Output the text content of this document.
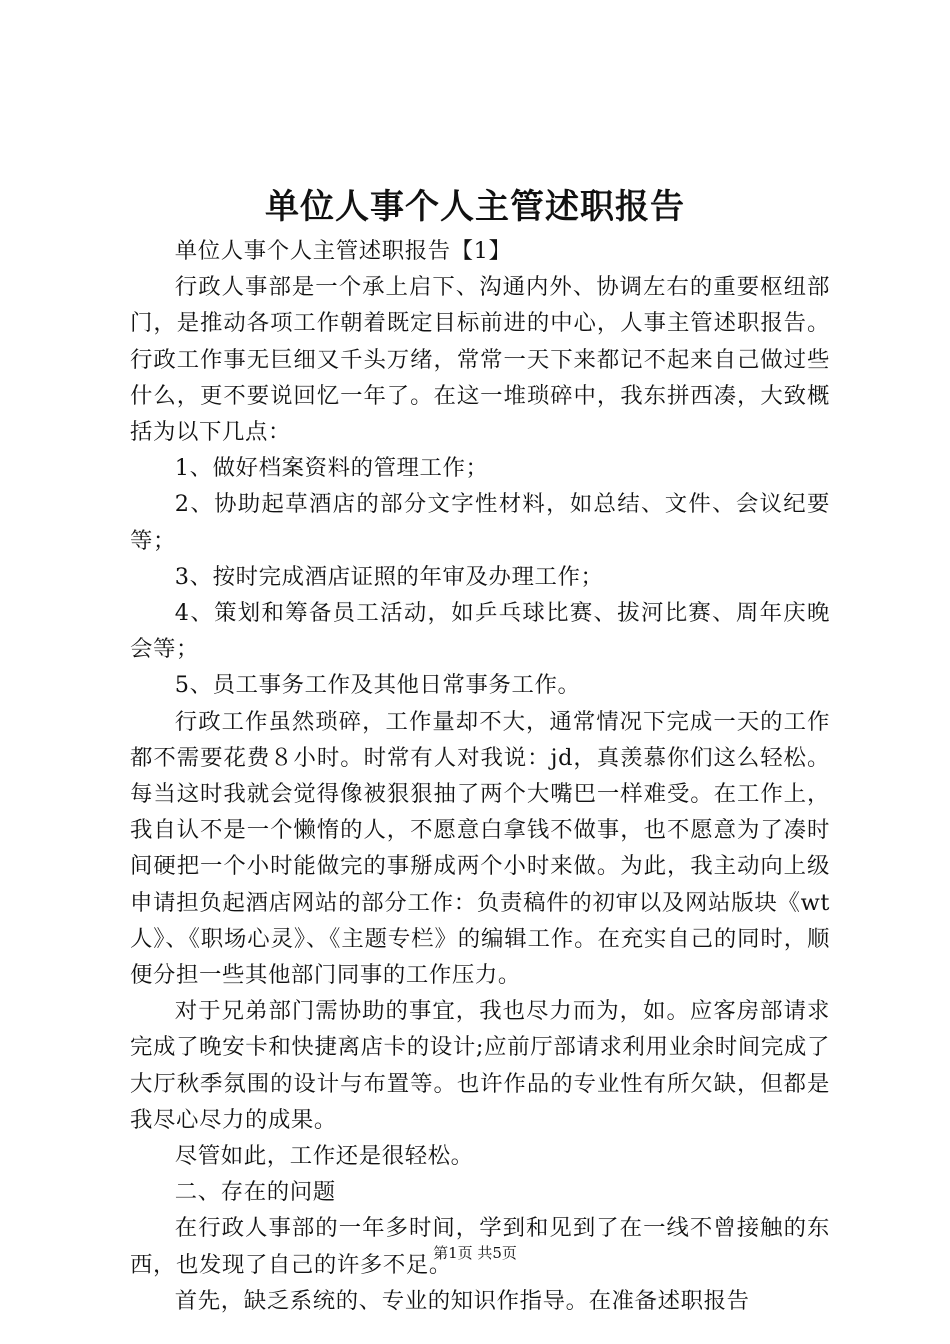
单位人事个人主管述职报告

单位人事个人主管述职报告【1】

行政人事部是一个承上启下、沟通内外、协调左右的重要枢纽部门，是推动各项工作朝着既定目标前进的中心，人事主管述职报告。行政工作事无巨细又千头万绪，常常一天下来都记不起来自己做过些什么，更不要说回忆一年了。在这一堆琐碎中，我东拼西凑，大致概括为以下几点：

1、做好档案资料的管理工作；

2、协助起草酒店的部分文字性材料，如总结、文件、会议纪要等；

3、按时完成酒店证照的年审及办理工作；

4、策划和筹备员工活动，如乒乓球比赛、拔河比赛、周年庆晚会等；

5、员工事务工作及其他日常事务工作。

行政工作虽然琐碎，工作量却不大，通常情况下完成一天的工作都不需要花费８小时。时常有人对我说：jd，真羡慕你们这么轻松。每当这时我就会觉得像被狠狠抽了两个大嘴巴一样难受。在工作上，我自认不是一个懒惰的人，不愿意白拿钱不做事，也不愿意为了凑时间硬把一个小时能做完的事掰成两个小时来做。为此，我主动向上级申请担负起酒店网站的部分工作：负责稿件的初审以及网站版块《wt人》、《职场心灵》、《主题专栏》的编辑工作。在充实自己的同时，顺便分担一些其他部门同事的工作压力。

对于兄弟部门需协助的事宜，我也尽力而为，如。应客房部请求完成了晚安卡和快捷离店卡的设计;应前厅部请求利用业余时间完成了大厅秋季氛围的设计与布置等。也许作品的专业性有所欠缺，但都是我尽心尽力的成果。

尽管如此，工作还是很轻松。

二、存在的问题

在行政人事部的一年多时间，学到和见到了在一线不曾接触的东西，也发现了自己的许多不足。

首先，缺乏系统的、专业的知识作指导。在准备述职报告

第1页 共5页
